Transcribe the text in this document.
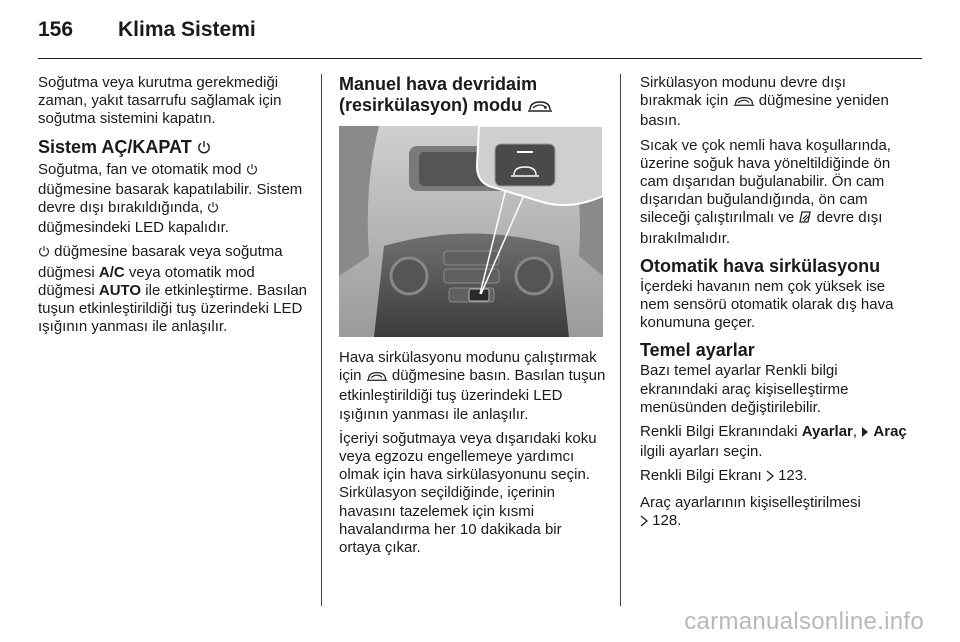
156	Klima Sistemi

Soğutma veya kurutma gerekmediği zaman, yakıt tasarrufu sağlamak için soğutma sistemini kapatın.

Sistem AÇ/KAPAT

Soğutma, fan ve otomatik mod  düğmesine basarak kapatılabilir. Sistem devre dışı bırakıldığında,  düğmesindeki LED kapalıdır.

düğmesine basarak veya soğutma düğmesi A/C veya otomatik mod düğmesi AUTO ile etkinleştirme. Basılan tuşun etkinleştirildiği tuş üzerindeki LED ışığının yanması ile anlaşılır.

Manuel hava devridaim (resirkülasyon) modu

Hava sirkülasyonu modunu çalıştırmak için düğmesine basın. Basılan tuşun etkinleştirildiği tuş üzerindeki LED ışığının yanması ile anlaşılır.

İçeriyi soğutmaya veya dışarıdaki koku veya egzozu engellemeye yardımcı olmak için hava sirkülasyonunu seçin. Sirkülasyon seçildiğinde, içerinin havasını tazelemek için kısmi havalandırma her 10 dakikada bir ortaya çıkar.

Sirkülasyon modunu devre dışı bırakmak için düğmesine yeniden basın.

Sıcak ve çok nemli hava koşullarında, üzerine soğuk hava yöneltildiğinde ön cam dışarıdan buğulanabilir. Ön cam dışarıdan buğulandığında, ön cam sileceği çalıştırılmalı ve devre dışı bırakılmalıdır.

Otomatik hava sirkülasyonu

İçerdeki havanın nem çok yüksek ise nem sensörü otomatik olarak dış hava konumuna geçer.

Temel ayarlar

Bazı temel ayarlar Renkli bilgi ekranındaki araç kişiselleştirme menüsünden değiştirilebilir.

Renkli Bilgi Ekranındaki Ayarlar, Araç ilgili ayarları seçin.

Renkli Bilgi Ekranı 123.

Araç ayarlarının kişiselleştirilmesi
128.

carmanualsonline.info
